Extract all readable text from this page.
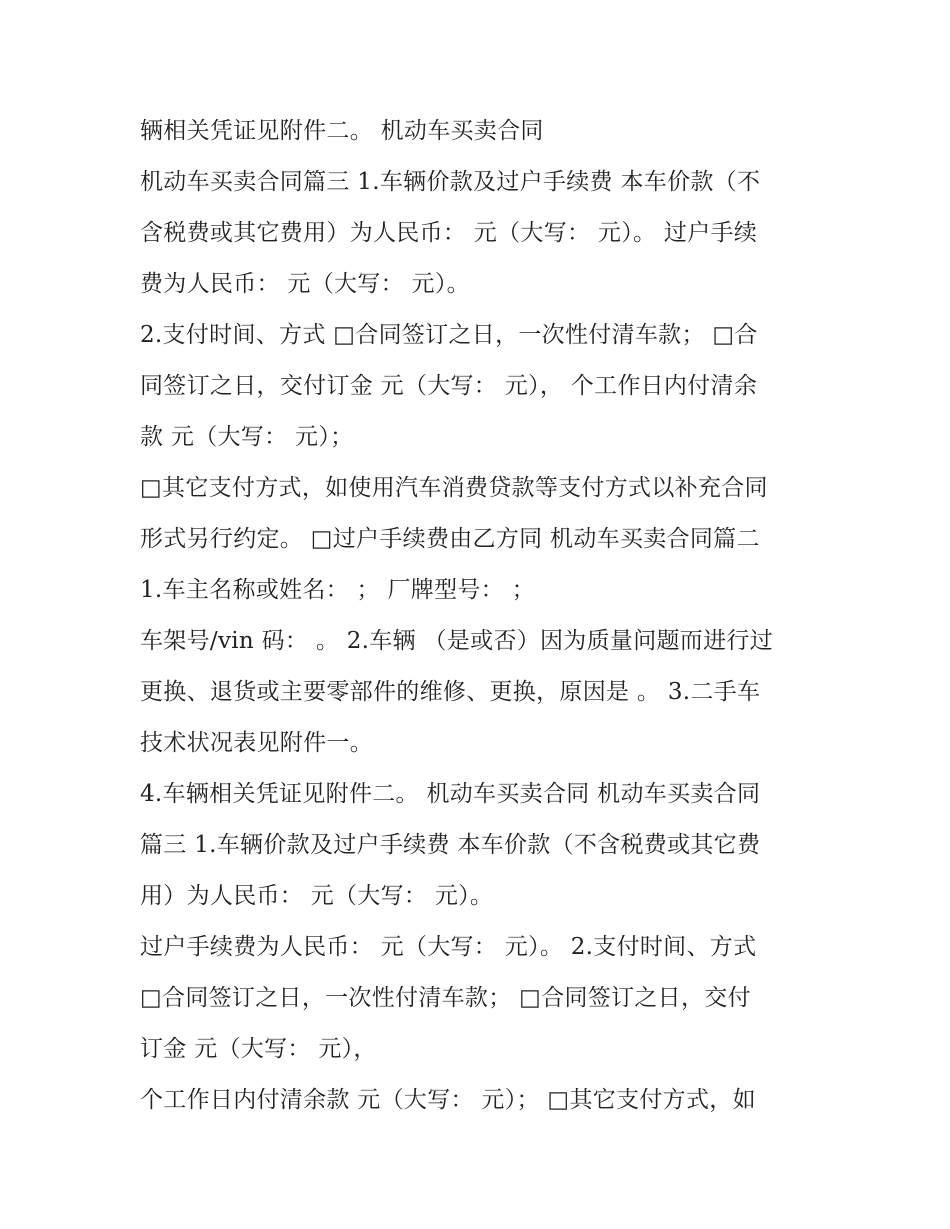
辆相关凭证见附件二。 机动车买卖合同
机动车买卖合同篇三 1.车辆价款及过户手续费 本车价款（不
含税费或其它费用）为人民币： 元（大写： 元）。 过户手续
费为人民币： 元（大写： 元）。
2.支付时间、方式 □合同签订之日，一次性付清车款； □合
同签订之日，交付订金 元（大写： 元）， 个工作日内付清余
款 元（大写： 元）；
□其它支付方式，如使用汽车消费贷款等支付方式以补充合同
形式另行约定。 □过户手续费由乙方同 机动车买卖合同篇二
1.车主名称或姓名： ； 厂牌型号： ；
车架号/vin 码： 。 2.车辆 （是或否）因为质量问题而进行过
更换、退货或主要零部件的维修、更换，原因是 。 3.二手车
技术状况表见附件一。
4.车辆相关凭证见附件二。 机动车买卖合同 机动车买卖合同
篇三 1.车辆价款及过户手续费 本车价款（不含税费或其它费
用）为人民币： 元（大写： 元）。
过户手续费为人民币： 元（大写： 元）。 2.支付时间、方式
□合同签订之日，一次性付清车款； □合同签订之日，交付
订金 元（大写： 元），
个工作日内付清余款 元（大写： 元）； □其它支付方式，如
